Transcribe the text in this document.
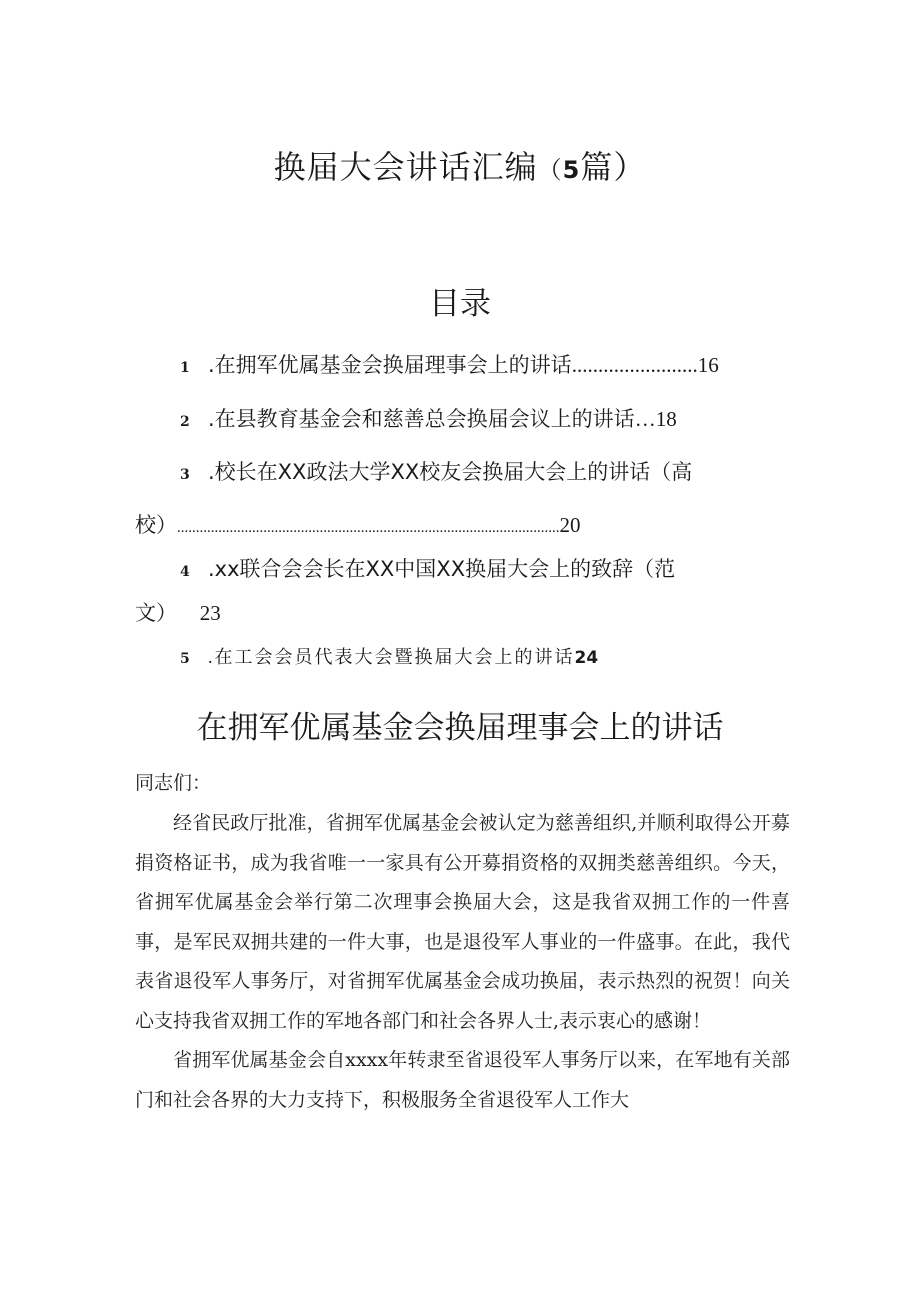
换届大会讲话汇编（5篇）
目录
1 .在拥军优属基金会换届理事会上的讲话........................16
2 .在县教育基金会和慈善总会换届会议上的讲话…18
3 .校长在XX政法大学XX校友会换届大会上的讲话（高
校）......................................................................................................20
4 .xx联合会会长在XX中国XX换届大会上的致辞（范
文） 23
5 .在工会会员代表大会暨换届大会上的讲话24
在拥军优属基金会换届理事会上的讲话
同志们：

经省民政厅批准，省拥军优属基金会被认定为慈善组织,并顺利取得公开募捐资格证书，成为我省唯一一家具有公开募捐资格的双拥类慈善组织。今天，省拥军优属基金会举行第二次理事会换届大会，这是我省双拥工作的一件喜事，是军民双拥共建的一件大事，也是退役军人事业的一件盛事。在此，我代表省退役军人事务厅，对省拥军优属基金会成功换届，表示热烈的祝贺！向关心支持我省双拥工作的军地各部门和社会各界人士,表示衷心的感谢！

省拥军优属基金会自xxxx年转隶至省退役军人事务厅以来，在军地有关部门和社会各界的大力支持下，积极服务全省退役军人工作大
